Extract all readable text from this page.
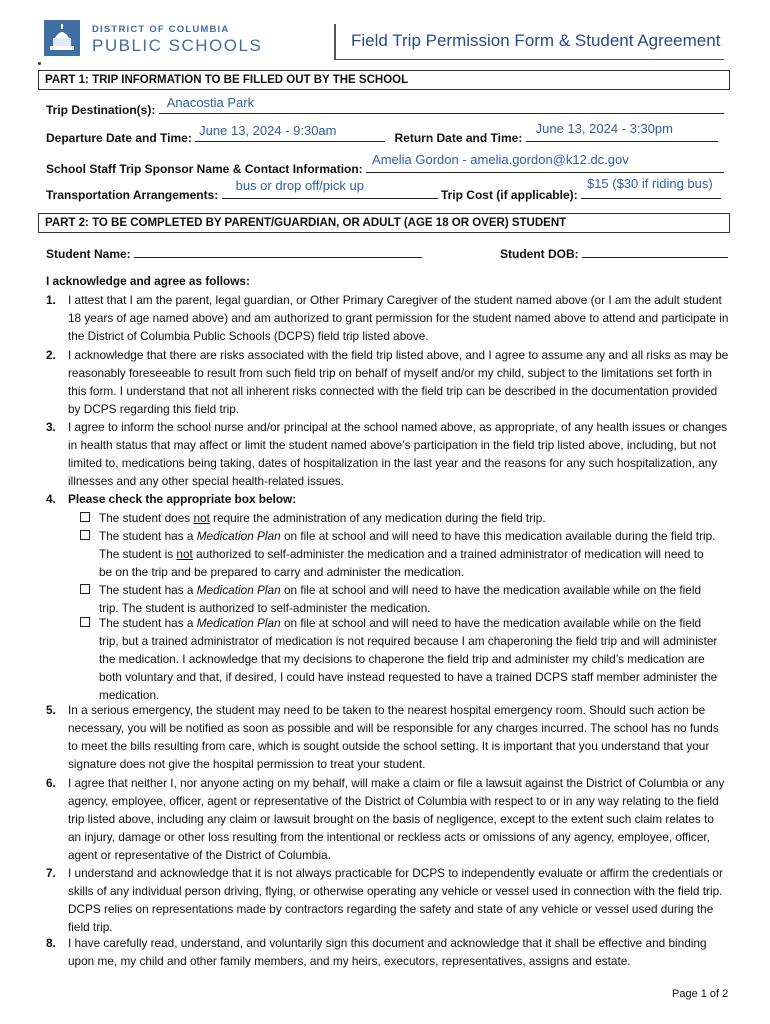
DISTRICT OF COLUMBIA
PUBLIC SCHOOLS	Field Trip Permission Form & Student Agreement
PART 1: TRIP INFORMATION TO BE FILLED OUT BY THE SCHOOL
Trip Destination(s): Anacostia Park
Departure Date and Time: June 13, 2024 - 9:30am	Return Date and Time:
June 13, 2024 - 3:30pm
School Staff Trip Sponsor Name & Contact Information:
Amelia Gordon - amelia.gordon@k12.dc.gov
Transportation Arrangements:
bus or drop off/pick up
Trip Cost (if applicable):
$15 ($30 if riding bus)
PART 2: TO BE COMPLETED BY PARENT/GUARDIAN, OR ADULT (AGE 18 OR OVER) STUDENT
Student Name:	Student DOB:
I acknowledge and agree as follows:
1. I attest that I am the parent, legal guardian, or Other Primary Caregiver of the student named above (or I am the adult student 18 years of age named above) and am authorized to grant permission for the student named above to attend and participate in the District of Columbia Public Schools (DCPS) field trip listed above.
2. I acknowledge that there are risks associated with the field trip listed above, and I agree to assume any and all risks as may be reasonably foreseeable to result from such field trip on behalf of myself and/or my child, subject to the limitations set forth in this form. I understand that not all inherent risks connected with the field trip can be described in the documentation provided by DCPS regarding this field trip.
3. I agree to inform the school nurse and/or principal at the school named above, as appropriate, of any health issues or changes in health status that may affect or limit the student named above’s participation in the field trip listed above, including, but not limited to, medications being taking, dates of hospitalization in the last year and the reasons for any such hospitalization, any illnesses and any other special health-related issues.
4. Please check the appropriate box below:
The student does not require the administration of any medication during the field trip.
The student has a Medication Plan on file at school and will need to have this medication available during the field trip. The student is not authorized to self-administer the medication and a trained administrator of medication will need to be on the trip and be prepared to carry and administer the medication.
The student has a Medication Plan on file at school and will need to have the medication available while on the field trip. The student is authorized to self-administer the medication.
The student has a Medication Plan on file at school and will need to have the medication available while on the field trip, but a trained administrator of medication is not required because I am chaperoning the field trip and will administer the medication. I acknowledge that my decisions to chaperone the field trip and administer my child’s medication are both voluntary and that, if desired, I could have instead requested to have a trained DCPS staff member administer the medication.
5. In a serious emergency, the student may need to be taken to the nearest hospital emergency room. Should such action be necessary, you will be notified as soon as possible and will be responsible for any charges incurred. The school has no funds to meet the bills resulting from care, which is sought outside the school setting. It is important that you understand that your signature does not give the hospital permission to treat your student.
6. I agree that neither I, nor anyone acting on my behalf, will make a claim or file a lawsuit against the District of Columbia or any agency, employee, officer, agent or representative of the District of Columbia with respect to or in any way relating to the field trip listed above, including any claim or lawsuit brought on the basis of negligence, except to the extent such claim relates to an injury, damage or other loss resulting from the intentional or reckless acts or omissions of any agency, employee, officer, agent or representative of the District of Columbia.
7. I understand and acknowledge that it is not always practicable for DCPS to independently evaluate or affirm the credentials or skills of any individual person driving, flying, or otherwise operating any vehicle or vessel used in connection with the field trip. DCPS relies on representations made by contractors regarding the safety and state of any vehicle or vessel used during the field trip.
8. I have carefully read, understand, and voluntarily sign this document and acknowledge that it shall be effective and binding upon me, my child and other family members, and my heirs, executors, representatives, assigns and estate.
Page 1 of 2
